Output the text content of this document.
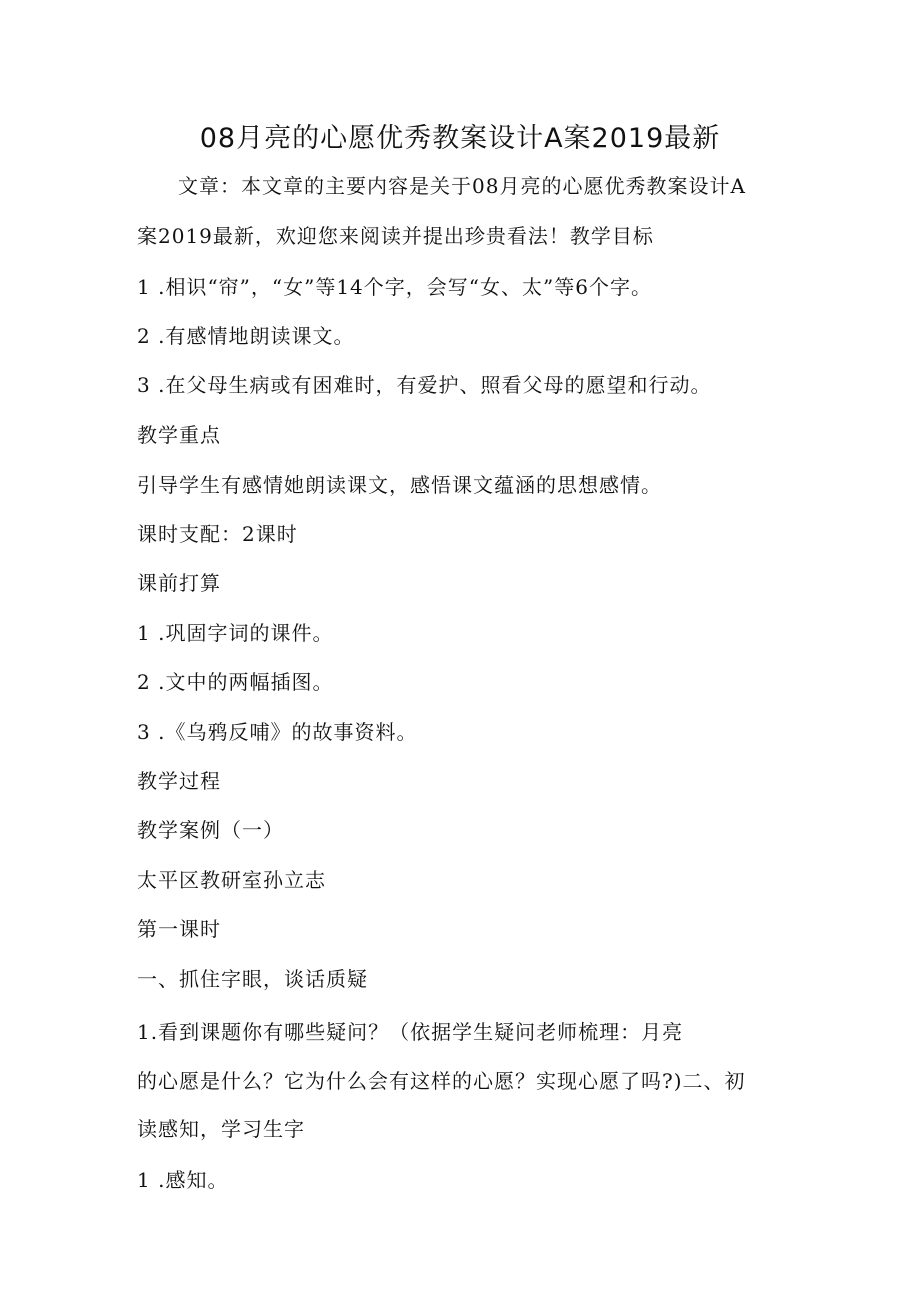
08月亮的心愿优秀教案设计A案2019最新
文章：本文章的主要内容是关于08月亮的心愿优秀教案设计A
案2019最新，欢迎您来阅读并提出珍贵看法！教学目标
1 .相识“帘”，“女”等14个字，会写“女、太”等6个字。
2 .有感情地朗读课文。
3 .在父母生病或有困难时，有爱护、照看父母的愿望和行动。
教学重点
引导学生有感情她朗读课文，感悟课文蕴涵的思想感情。
课时支配：2课时
课前打算
1 .巩固字词的课件。
2 .文中的两幅插图。
3 .《乌鸦反哺》的故事资料。
教学过程
教学案例（一）
太平区教研室孙立志
第一课时
一、抓住字眼，谈话质疑
1.看到课题你有哪些疑问？（依据学生疑问老师梳理：月亮
的心愿是什么？它为什么会有这样的心愿？实现心愿了吗?)二、初
读感知，学习生字
1 .感知。
